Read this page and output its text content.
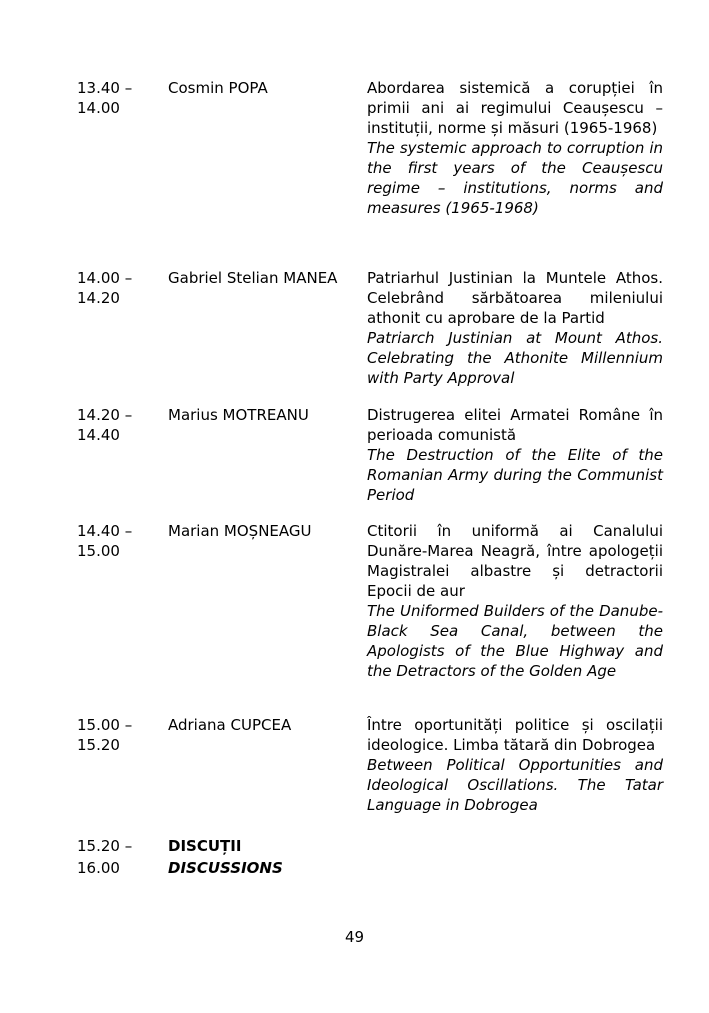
13.40 –
14.00
Cosmin POPA	Abordarea sistemică a corupției în primii ani ai regimului Ceaușescu – instituții, norme și măsuri (1965-1968)
The systemic approach to corruption in the first years of the Ceaușescu regime – institutions, norms and measures (1965-1968)
14.00 –
14.20
Gabriel Stelian MANEA	Patriarhul Justinian la Muntele Athos. Celebrând sărbătoarea mileniului athonit cu aprobare de la Partid
Patriarch Justinian at Mount Athos. Celebrating the Athonite Millennium with Party Approval
14.20 –
14.40
Marius MOTREANU	Distrugerea elitei Armatei Române în perioada comunistă
The Destruction of the Elite of the Romanian Army during the Communist Period
14.40 –
15.00
Marian MOȘNEAGU	Ctitorii în uniformă ai Canalului Dunăre-Marea Neagră, între apologeții Magistralei albastre și detractorii Epocii de aur
The Uniformed Builders of the Danube-Black Sea Canal, between the Apologists of the Blue Highway and the Detractors of the Golden Age
15.00 –
15.20
Adriana CUPCEA	Între oportunități politice și oscilații ideologice. Limba tătară din Dobrogea
Between Political Opportunities and Ideological Oscillations. The Tatar Language in Dobrogea
15.20 –
16.00
DISCUȚII
DISCUSSIONS
49
